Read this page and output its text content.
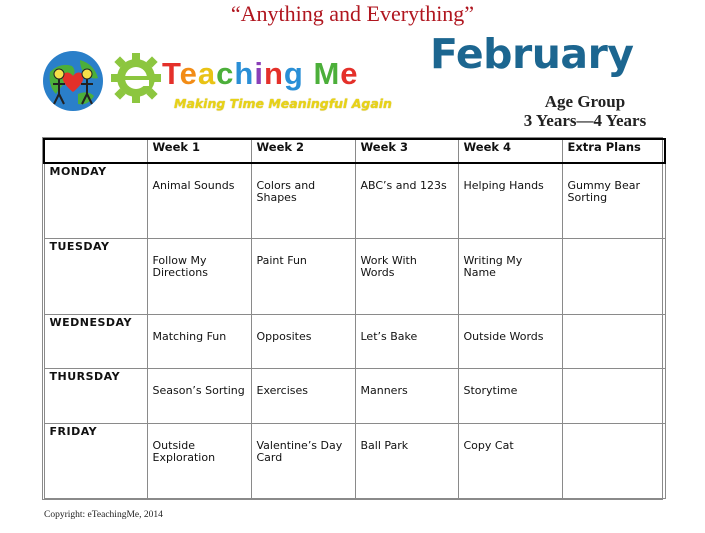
“Anything and Everything”
Teaching Me
Making Time Meaningful Again
February
Age Group
3 Years—4 Years
	Week 1	Week 2	Week 3	Week 4	Extra Plans
MONDAY	Animal Sounds	Colors and Shapes	ABC’s and 123s	Helping Hands	Gummy Bear Sorting
TUESDAY	Follow My Directions	Paint Fun	Work With Words	Writing My Name	
WEDNESDAY	Matching Fun	Opposites	Let’s Bake	Outside Words	
THURSDAY	Season’s Sorting	Exercises	Manners	Storytime	
FRIDAY	Outside Exploration	Valentine’s Day Card	Ball Park	Copy Cat	
Copyright: eTeachingMe, 2014
